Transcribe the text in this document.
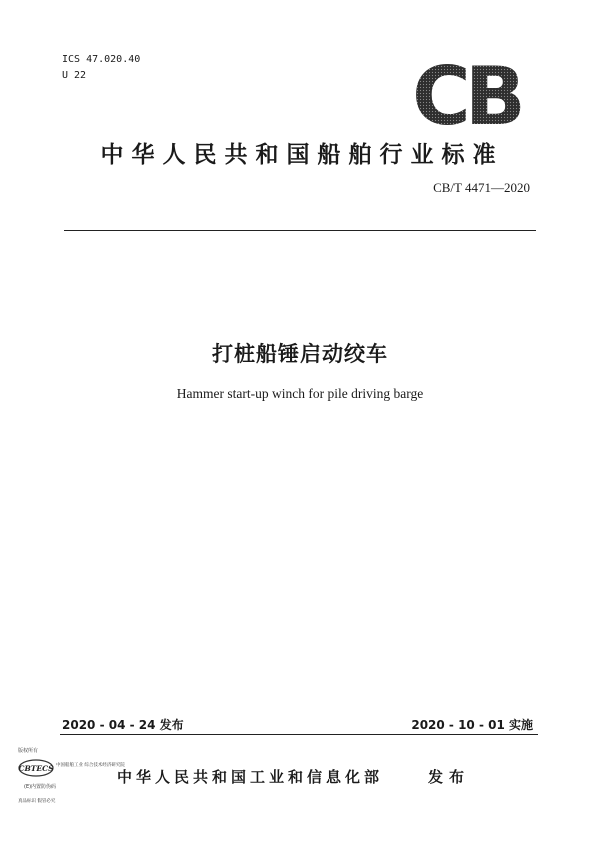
ICS 47.020.40
U 22	CB
中华人民共和国船舶行业标准
CB/T 4471—2020
打桩船锤启动绞车
Hammer start-up winch for pile driving barge
2020 - 04 - 24 发布	2020 - 10 - 01 实施
版权所有
CBTECS 中国船舶工业 综合技术经济研究院
(E)内置防伪码
真品标识 假冒必究
中华人民共和国工业和信息化部	发布
